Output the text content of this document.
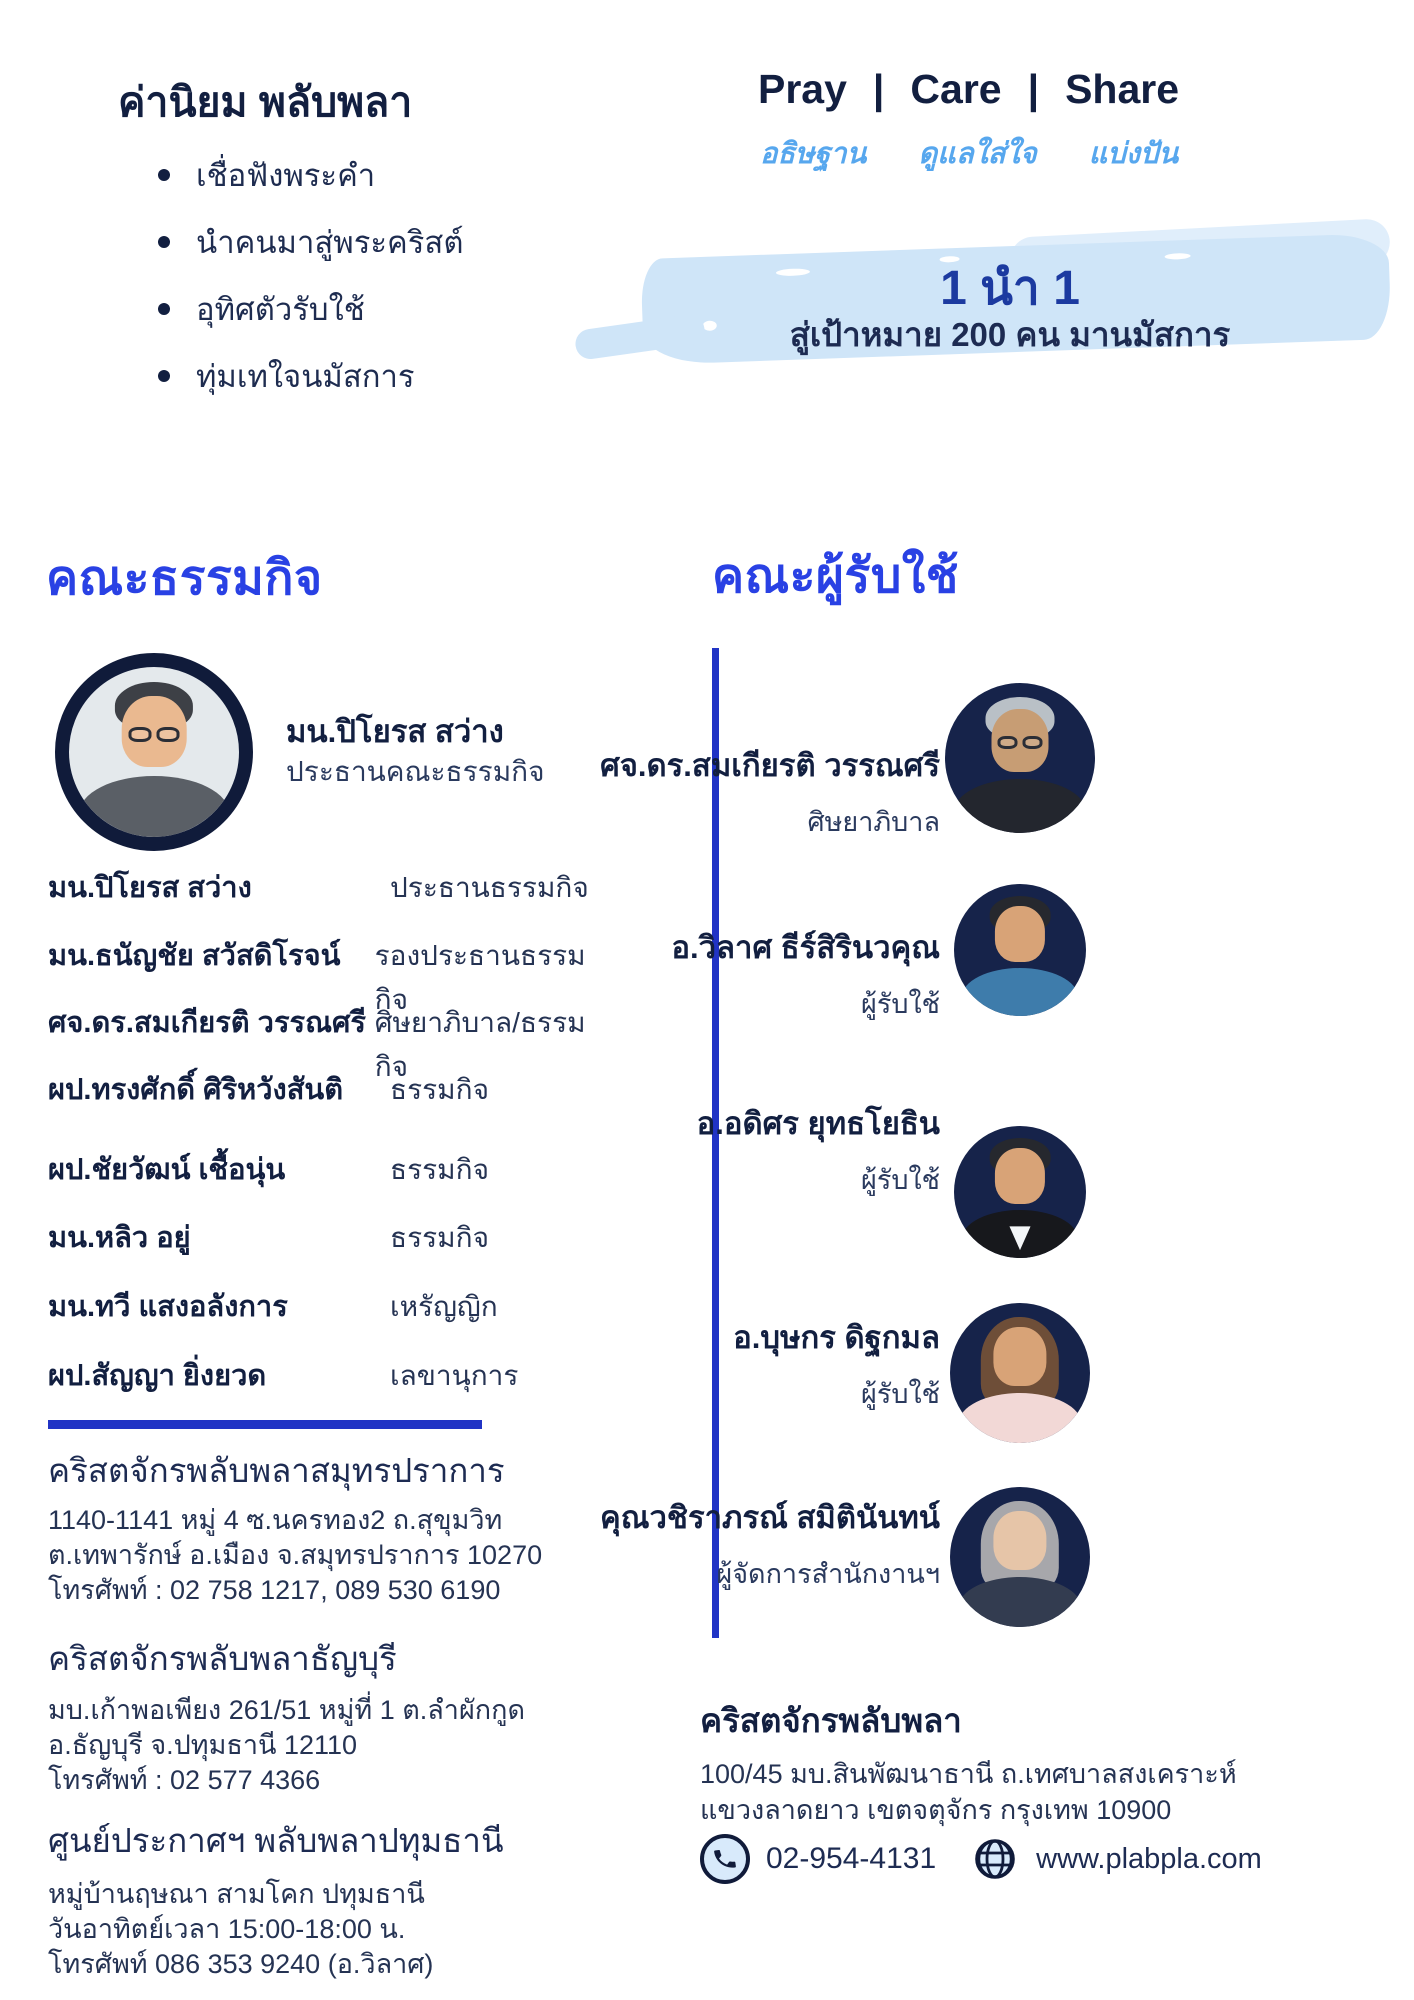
ค่านิยม พลับพลา
เชื่อฟังพระคำ
นำคนมาสู่พระคริสต์
อุทิศตัวรับใช้
ทุ่มเทใจนมัสการ
Pray | Care | Share
อธิษฐาน ดูแลใส่ใจ แบ่งปัน
1 นำ 1
สู่เป้าหมาย 200 คน มานมัสการ
คณะธรรมกิจ	คณะผู้รับใช้
มน.ปิโยรส สว่าง
ประธานคณะธรรมกิจ
มน.ปิโยรส สว่าง	ประธานธรรมกิจ
มน.ธนัญชัย สวัสดิโรจน์	รองประธานธรรมกิจ
ศจ.ดร.สมเกียรติ วรรณศรี ศิษยาภิบาล/ธรรมกิจ
ผป.ทรงศักดิ์ ศิริหวังสันติ	ธรรมกิจ
ผป.ชัยวัฒน์ เชื้อนุ่น	ธรรมกิจ
มน.หลิว อยู่	ธรรมกิจ
มน.ทวี แสงอลังการ	เหรัญญิก
ผป.สัญญา ยิ่งยวด	เลขานุการ
คริสตจักรพลับพลาสมุทรปราการ
1140-1141 หมู่ 4 ซ.นครทอง2 ถ.สุขุมวิท
ต.เทพารักษ์ อ.เมือง จ.สมุทรปราการ 10270
โทรศัพท์ : 02 758 1217, 089 530 6190
คริสตจักรพลับพลาธัญบุรี
มบ.เก้าพอเพียง 261/51 หมู่ที่ 1 ต.ลำผักกูด
อ.ธัญบุรี จ.ปทุมธานี 12110
โทรศัพท์ : 02 577 4366
ศูนย์ประกาศฯ พลับพลาปทุมธานี
หมู่บ้านฤษณา สามโคก ปทุมธานี
วันอาทิตย์เวลา 15:00-18:00 น.
โทรศัพท์ 086 353 9240 (อ.วิลาศ)
ศจ.ดร.สมเกียรติ วรรณศรี
ศิษยาภิบาล
อ.วิลาศ ธีร์สิรินวคุณ
ผู้รับใช้
อ.อดิศร ยุทธโยธิน
ผู้รับใช้
อ.บุษกร ดิฐกมล
ผู้รับใช้
คุณวชิราภรณ์ สมิตินันทน์
ผู้จัดการสำนักงานฯ
คริสตจักรพลับพลา
100/45 มบ.สินพัฒนาธานี ถ.เทศบาลสงเคราะห์
แขวงลาดยาว เขตจตุจักร กรุงเทพ 10900
02-954-4131	www.plabpla.com
